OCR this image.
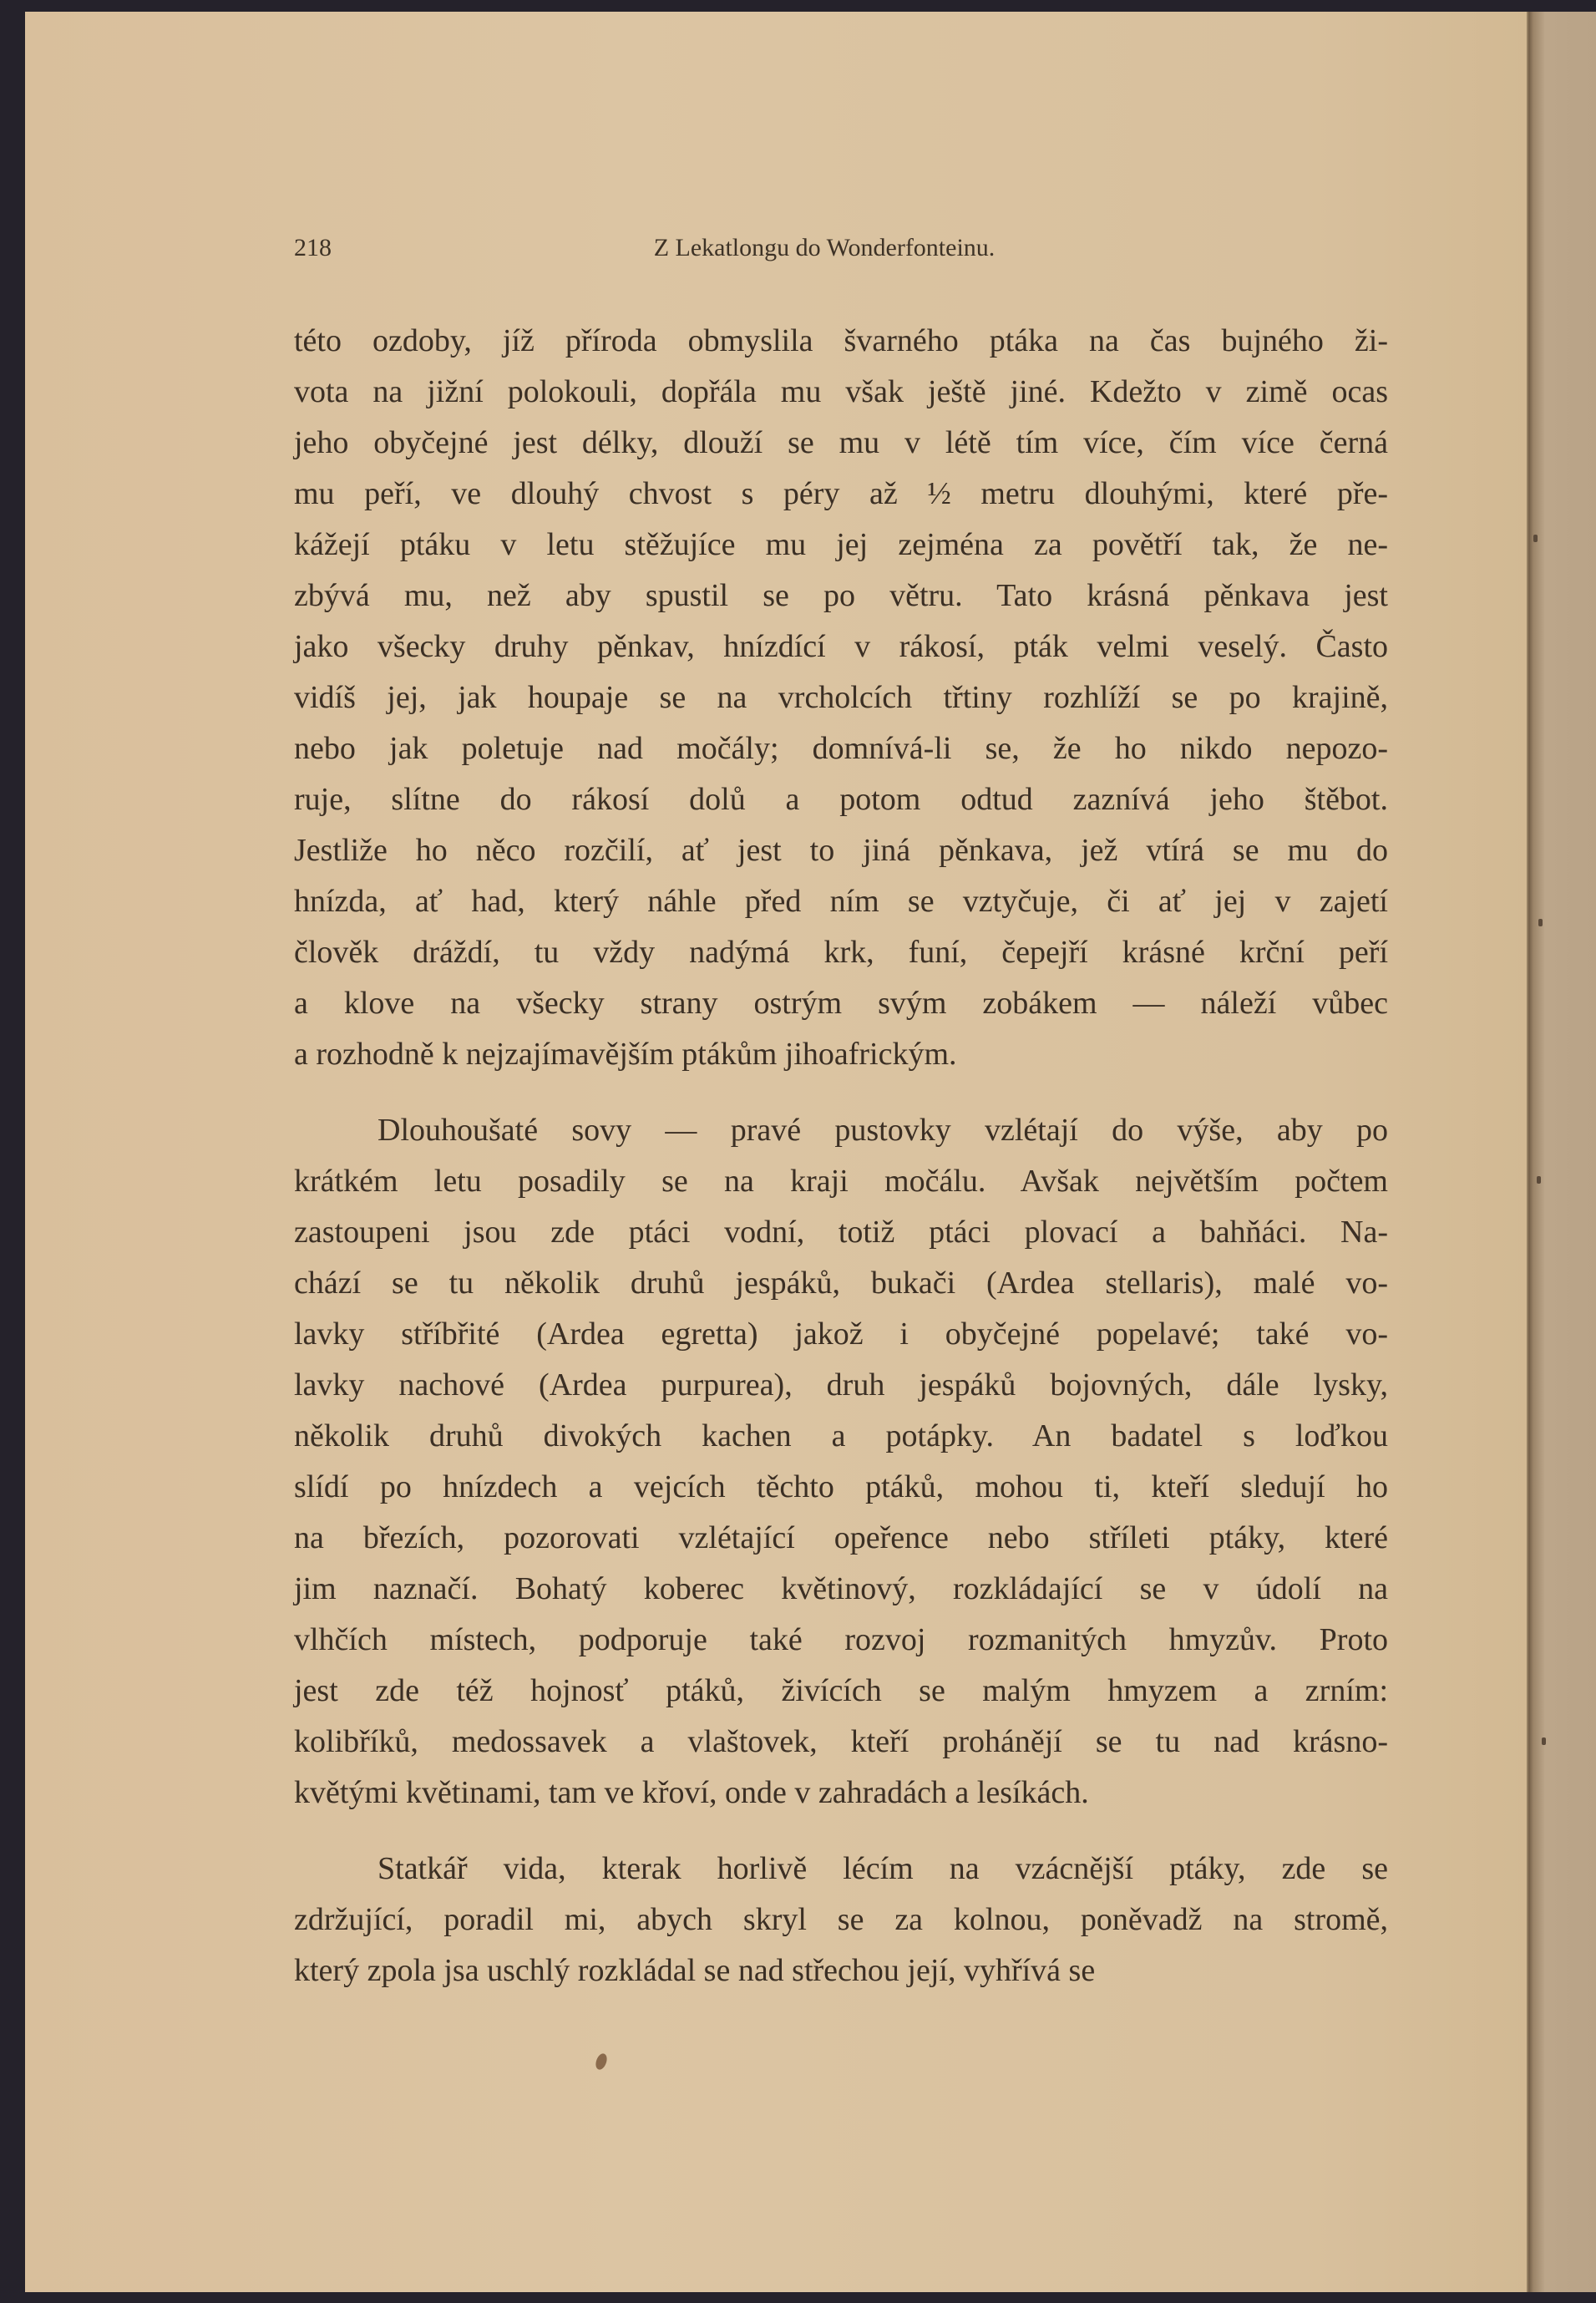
218	Z Lekatlongu do Wonderfonteinu.
této ozdoby, jíž příroda obmyslila švarného ptáka na čas bujného ži-
vota na jižní polokouli, dopřála mu však ještě jiné. Kdežto v zimě ocas
jeho obyčejné jest délky, dlouží se mu v létě tím více, čím více černá
mu peří, ve dlouhý chvost s péry až ½ metru dlouhými, které pře-
kážejí ptáku v letu stěžujíce mu jej zejména za povětří tak, že ne-
zbývá mu, než aby spustil se po větru. Tato krásná pěnkava jest
jako všecky druhy pěnkav, hnízdící v rákosí, pták velmi veselý. Často
vidíš jej, jak houpaje se na vrcholcích třtiny rozhlíží se po krajině,
nebo jak poletuje nad močály; domnívá-li se, že ho nikdo nepozo-
ruje, slítne do rákosí dolů a potom odtud zaznívá jeho štěbot.
Jestliže ho něco rozčilí, ať jest to jiná pěnkava, jež vtírá se mu do
hnízda, ať had, který náhle před ním se vztyčuje, či ať jej v zajetí
člověk dráždí, tu vždy nadýmá krk, funí, čepejří krásné krční peří
a klove na všecky strany ostrým svým zobákem — náleží vůbec
a rozhodně k nejzajímavějším ptákům jihoafrickým.
Dlouhoušaté sovy — pravé pustovky vzlétají do výše, aby po
krátkém letu posadily se na kraji močálu. Avšak největším počtem
zastoupeni jsou zde ptáci vodní, totiž ptáci plovací a bahňáci. Na-
chází se tu několik druhů jespáků, bukači (Ardea stellaris), malé vo-
lavky stříbřité (Ardea egretta) jakož i obyčejné popelavé; také vo-
lavky nachové (Ardea purpurea), druh jespáků bojovných, dále lysky,
několik druhů divokých kachen a potápky. An badatel s loďkou
slídí po hnízdech a vejcích těchto ptáků, mohou ti, kteří sledují ho
na březích, pozorovati vzlétající opeřence nebo stříleti ptáky, které
jim naznačí. Bohatý koberec květinový, rozkládající se v údolí na
vlhčích místech, podporuje také rozvoj rozmanitých hmyzův. Proto
jest zde též hojnosť ptáků, živících se malým hmyzem a zrním:
kolibříků, medossavek a vlaštovek, kteří prohánějí se tu nad krásno-
květými květinami, tam ve křoví, onde v zahradách a lesíkách.
Statkář vida, kterak horlivě lécím na vzácnější ptáky, zde se
zdržující, poradil mi, abych skryl se za kolnou, poněvadž na stromě,
který zpola jsa uschlý rozkládal se nad střechou její, vyhřívá se
